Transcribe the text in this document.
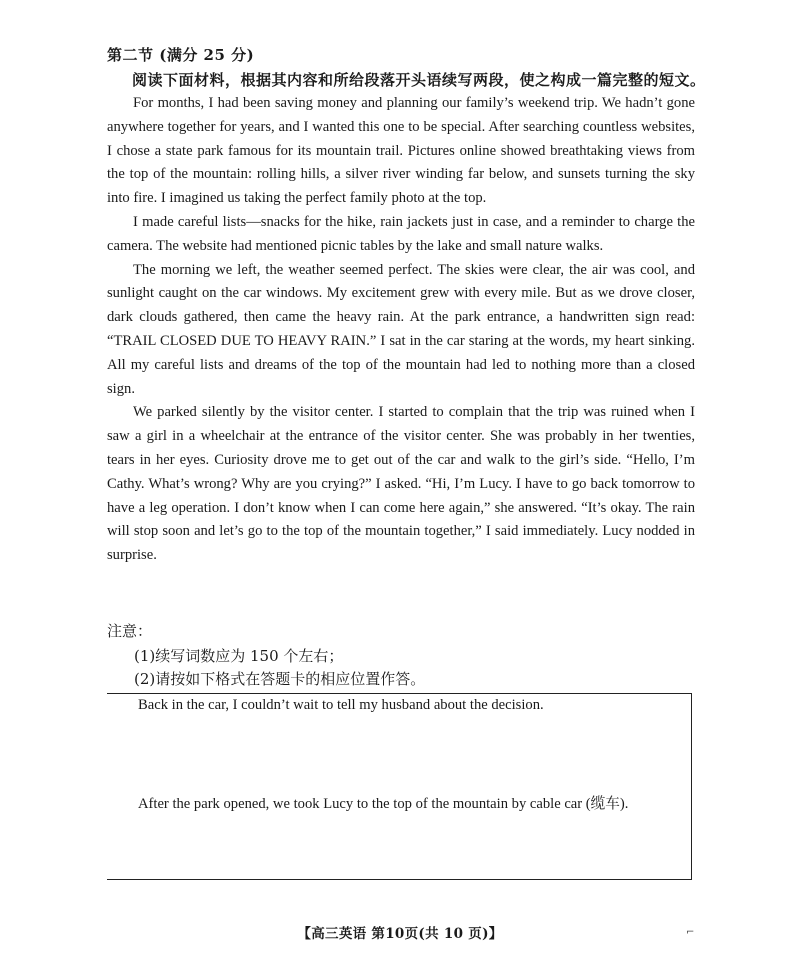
第二节 (满分 25 分)
阅读下面材料，根据其内容和所给段落开头语续写两段，使之构成一篇完整的短文。

For months, I had been saving money and planning our family’s weekend trip. We hadn’t gone anywhere together for years, and I wanted this one to be special. After searching countless websites, I chose a state park famous for its mountain trail. Pictures online showed breathtaking views from the top of the mountain: rolling hills, a silver river winding far below, and sunsets turning the sky into fire. I imagined us taking the perfect family photo at the top.

I made careful lists—snacks for the hike, rain jackets just in case, and a reminder to charge the camera. The website had mentioned picnic tables by the lake and small nature walks.

The morning we left, the weather seemed perfect. The skies were clear, the air was cool, and sunlight caught on the car windows. My excitement grew with every mile. But as we drove closer, dark clouds gathered, then came the heavy rain. At the park entrance, a handwritten sign read: “TRAIL CLOSED DUE TO HEAVY RAIN.” I sat in the car staring at the words, my heart sinking. All my careful lists and dreams of the top of the mountain had led to nothing more than a closed sign.

We parked silently by the visitor center. I started to complain that the trip was ruined when I saw a girl in a wheelchair at the entrance of the visitor center. She was probably in her twenties, tears in her eyes. Curiosity drove me to get out of the car and walk to the girl’s side. “Hello, I’m Cathy. What’s wrong? Why are you crying?” I asked. “Hi, I’m Lucy. I have to go back tomorrow to have a leg operation. I don’t know when I can come here again,” she answered. “It’s okay. The rain will stop soon and let’s go to the top of the mountain together,” I said immediately. Lucy nodded in surprise.

注意：
(1)续写词数应为 150 个左右；
(2)请按如下格式在答题卡的相应位置作答。
Back in the car, I couldn’t wait to tell my husband about the decision.
After the park opened, we took Lucy to the top of the mountain by cable car (缆车).
【高三英语 第10页(共 10 页)】	⌐
